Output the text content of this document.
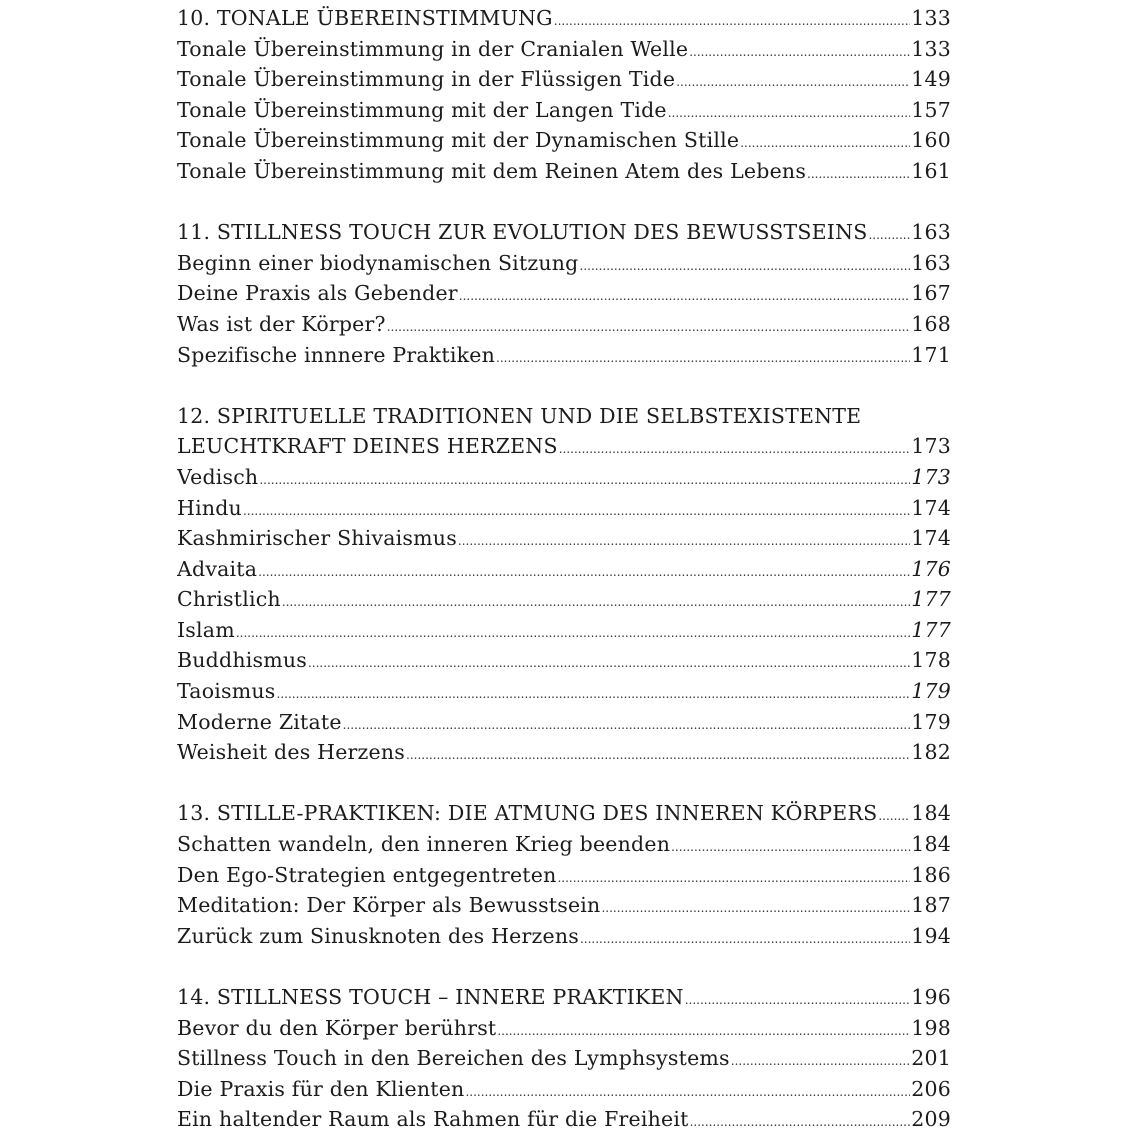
10. TONALE ÜBEREINSTIMMUNG .....	133
Tonale Übereinstimmung in der Cranialen Welle .....	133
Tonale Übereinstimmung in der Flüssigen Tide .....	149
Tonale Übereinstimmung mit der Langen Tide .....	157
Tonale Übereinstimmung mit der Dynamischen Stille .....	160
Tonale Übereinstimmung mit dem Reinen Atem des Lebens .....	161
11. STILLNESS TOUCH ZUR EVOLUTION DES BEWUSSTSEINS ..... 163
Beginn einer biodynamischen Sitzung .....	163
Deine Praxis als Gebender .....	167
Was ist der Körper? .....	168
Spezifische innnere Praktiken .....	171
12. SPIRITUELLE TRADITIONEN UND DIE SELBSTEXISTENTE
LEUCHTKRAFT DEINES HERZENS .....	173
Vedisch .....	173
Hindu .....	174
Kashmirischer Shivaismus .....	174
Advaita .....	176
Christlich .....	177
Islam .....	177
Buddhismus .....	178
Taoismus .....	179
Moderne Zitate .....	179
Weisheit des Herzens .....	182
13. STILLE-PRAKTIKEN: DIE ATMUNG DES INNEREN KÖRPERS ..... 184
Schatten wandeln, den inneren Krieg beenden .....	184
Den Ego-Strategien entgegentreten .....	186
Meditation: Der Körper als Bewusstsein .....	187
Zurück zum Sinusknoten des Herzens .....	194
14. STILLNESS TOUCH – INNERE PRAKTIKEN .....	196
Bevor du den Körper berührst .....	198
Stillness Touch in den Bereichen des Lymphsystems .....	201
Die Praxis für den Klienten .....	206
Ein haltender Raum als Rahmen für die Freiheit .....	209
